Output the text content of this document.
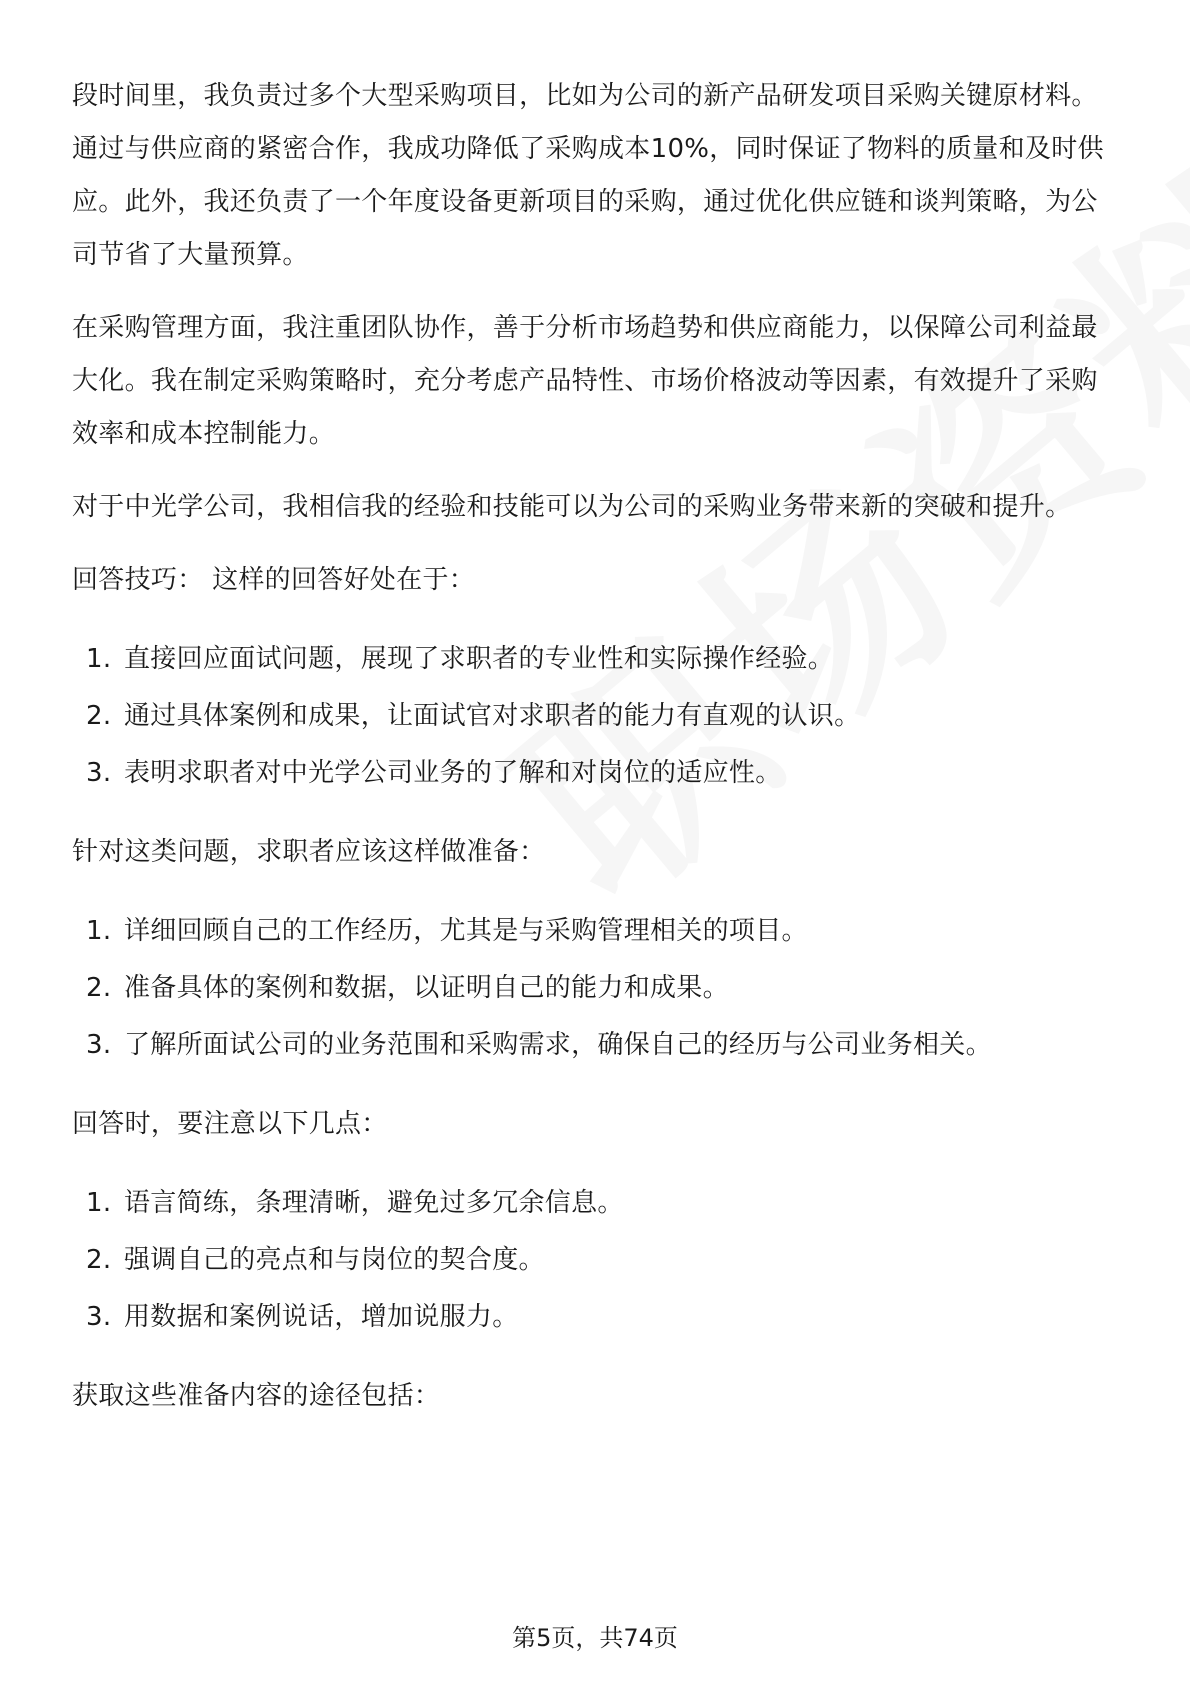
段时间里，我负责过多个大型采购项目，比如为公司的新产品研发项目采购关键原材料。通过与供应商的紧密合作，我成功降低了采购成本10%，同时保证了物料的质量和及时供应。此外，我还负责了一个年度设备更新项目的采购，通过优化供应链和谈判策略，为公司节省了大量预算。

在采购管理方面，我注重团队协作，善于分析市场趋势和供应商能力，以保障公司利益最大化。我在制定采购策略时，充分考虑产品特性、市场价格波动等因素，有效提升了采购效率和成本控制能力。

对于中光学公司，我相信我的经验和技能可以为公司的采购业务带来新的突破和提升。

回答技巧： 这样的回答好处在于：

1. 直接回应面试问题，展现了求职者的专业性和实际操作经验。
2. 通过具体案例和成果，让面试官对求职者的能力有直观的认识。
3. 表明求职者对中光学公司业务的了解和对岗位的适应性。

针对这类问题，求职者应该这样做准备：

1. 详细回顾自己的工作经历，尤其是与采购管理相关的项目。
2. 准备具体的案例和数据，以证明自己的能力和成果。
3. 了解所面试公司的业务范围和采购需求，确保自己的经历与公司业务相关。

回答时，要注意以下几点：

1. 语言简练，条理清晰，避免过多冗余信息。
2. 强调自己的亮点和与岗位的契合度。
3. 用数据和案例说话，增加说服力。

获取这些准备内容的途径包括：

第5页，共74页
